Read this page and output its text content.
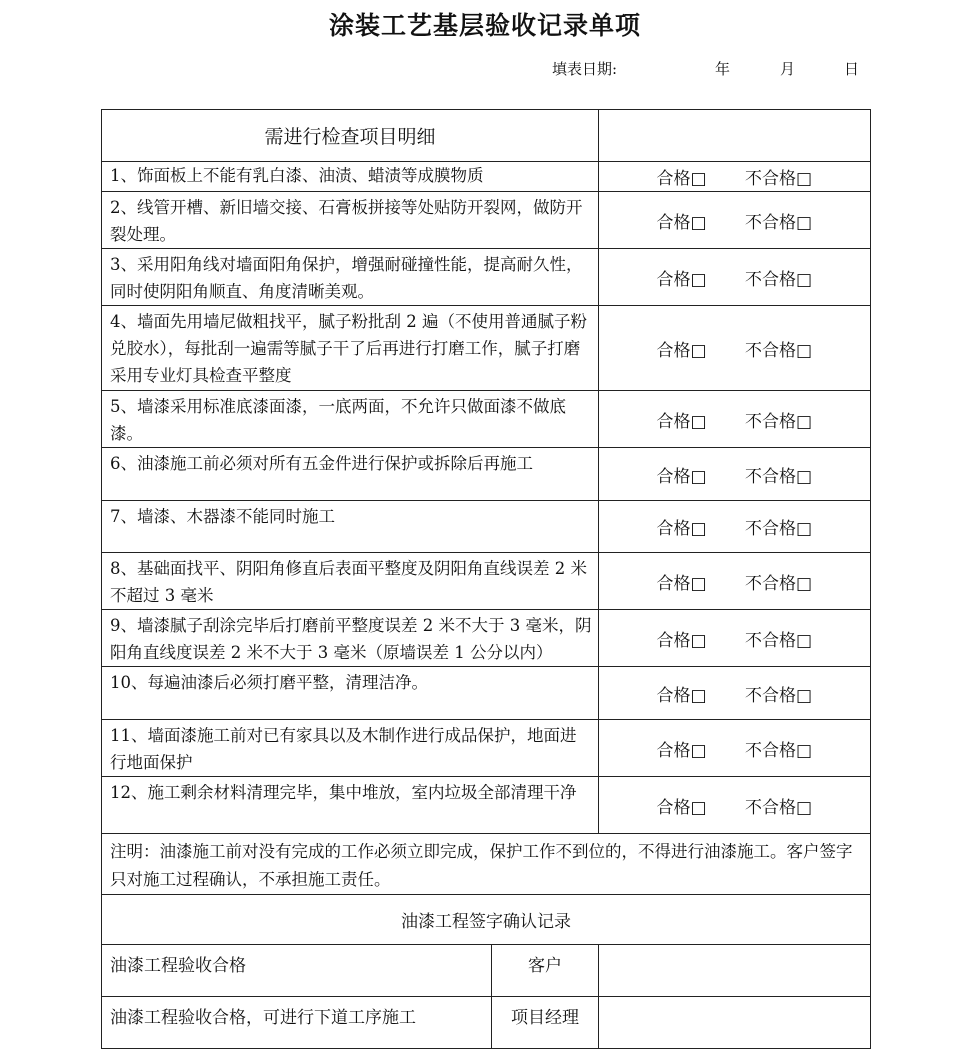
涂装工艺基层验收记录单项
填表日期:	年	月	日
需进行检查项目明细		

1、饰面板上不能有乳白漆、油渍、蜡渍等成膜物质		合格□ 不合格□

2、线管开槽、新旧墙交接、石膏板拼接等处贴防开裂网，做防开裂处理。		合格□ 不合格□

3、采用阳角线对墙面阳角保护，增强耐碰撞性能，提高耐久性，同时使阴阳角顺直、角度清晰美观。		合格□ 不合格□

4、墙面先用墙尼做粗找平，腻子粉批刮 2 遍（不使用普通腻子粉兑胶水），每批刮一遍需等腻子干了后再进行打磨工作，腻子打磨采用专业灯具检查平整度		合格□ 不合格□

5、墙漆采用标准底漆面漆，一底两面，不允许只做面漆不做底漆。		合格□ 不合格□

6、油漆施工前必须对所有五金件进行保护或拆除后再施工		合格□ 不合格□

7、墙漆、木器漆不能同时施工		合格□ 不合格□

8、基础面找平、阴阳角修直后表面平整度及阴阳角直线误差 2 米不超过 3 毫米		合格□ 不合格□

9、墙漆腻子刮涂完毕后打磨前平整度误差 2 米不大于 3 毫米，阴阳角直线度误差 2 米不大于 3 毫米（原墙误差 1 公分以内）		合格□ 不合格□

10、每遍油漆后必须打磨平整，清理洁净。		合格□ 不合格□

11、墙面漆施工前对已有家具以及木制作进行成品保护，地面进行地面保护		合格□ 不合格□

12、施工剩余材料清理完毕，集中堆放，室内垃圾全部清理干净		合格□ 不合格□

注明：油漆施工前对没有完成的工作必须立即完成，保护工作不到位的，不得进行油漆施工。客户签字只对施工过程确认，不承担施工责任。		

油漆工程签字确认记录		

油漆工程验收合格	客户	

油漆工程验收合格，可进行下道工序施工	项目经理	
